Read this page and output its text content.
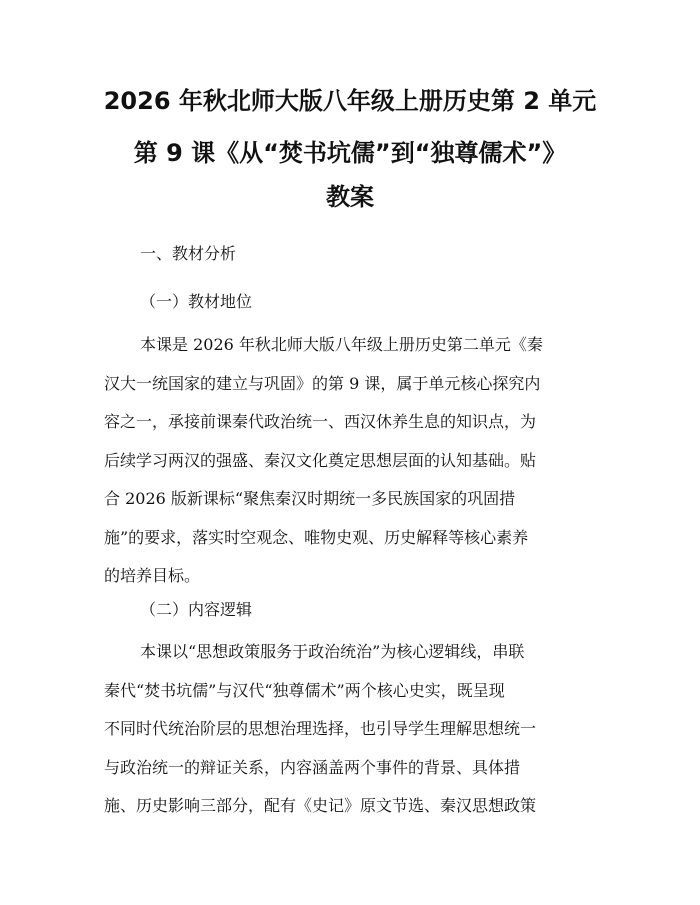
2026 年秋北师大版八年级上册历史第 2 单元
第 9 课《从“焚书坑儒”到“独尊儒术”》
教案
一、教材分析
（一）教材地位
本课是 2026 年秋北师大版八年级上册历史第二单元《秦
汉大一统国家的建立与巩固》的第 9 课，属于单元核心探究内
容之一，承接前课秦代政治统一、西汉休养生息的知识点，为
后续学习两汉的强盛、秦汉文化奠定思想层面的认知基础。贴
合 2026 版新课标“聚焦秦汉时期统一多民族国家的巩固措
施”的要求，落实时空观念、唯物史观、历史解释等核心素养
的培养目标。
（二）内容逻辑
本课以“思想政策服务于政治统治”为核心逻辑线，串联
秦代“焚书坑儒”与汉代“独尊儒术”两个核心史实，既呈现
不同时代统治阶层的思想治理选择，也引导学生理解思想统一
与政治统一的辩证关系，内容涵盖两个事件的背景、具体措
施、历史影响三部分，配有《史记》原文节选、秦汉思想政策
